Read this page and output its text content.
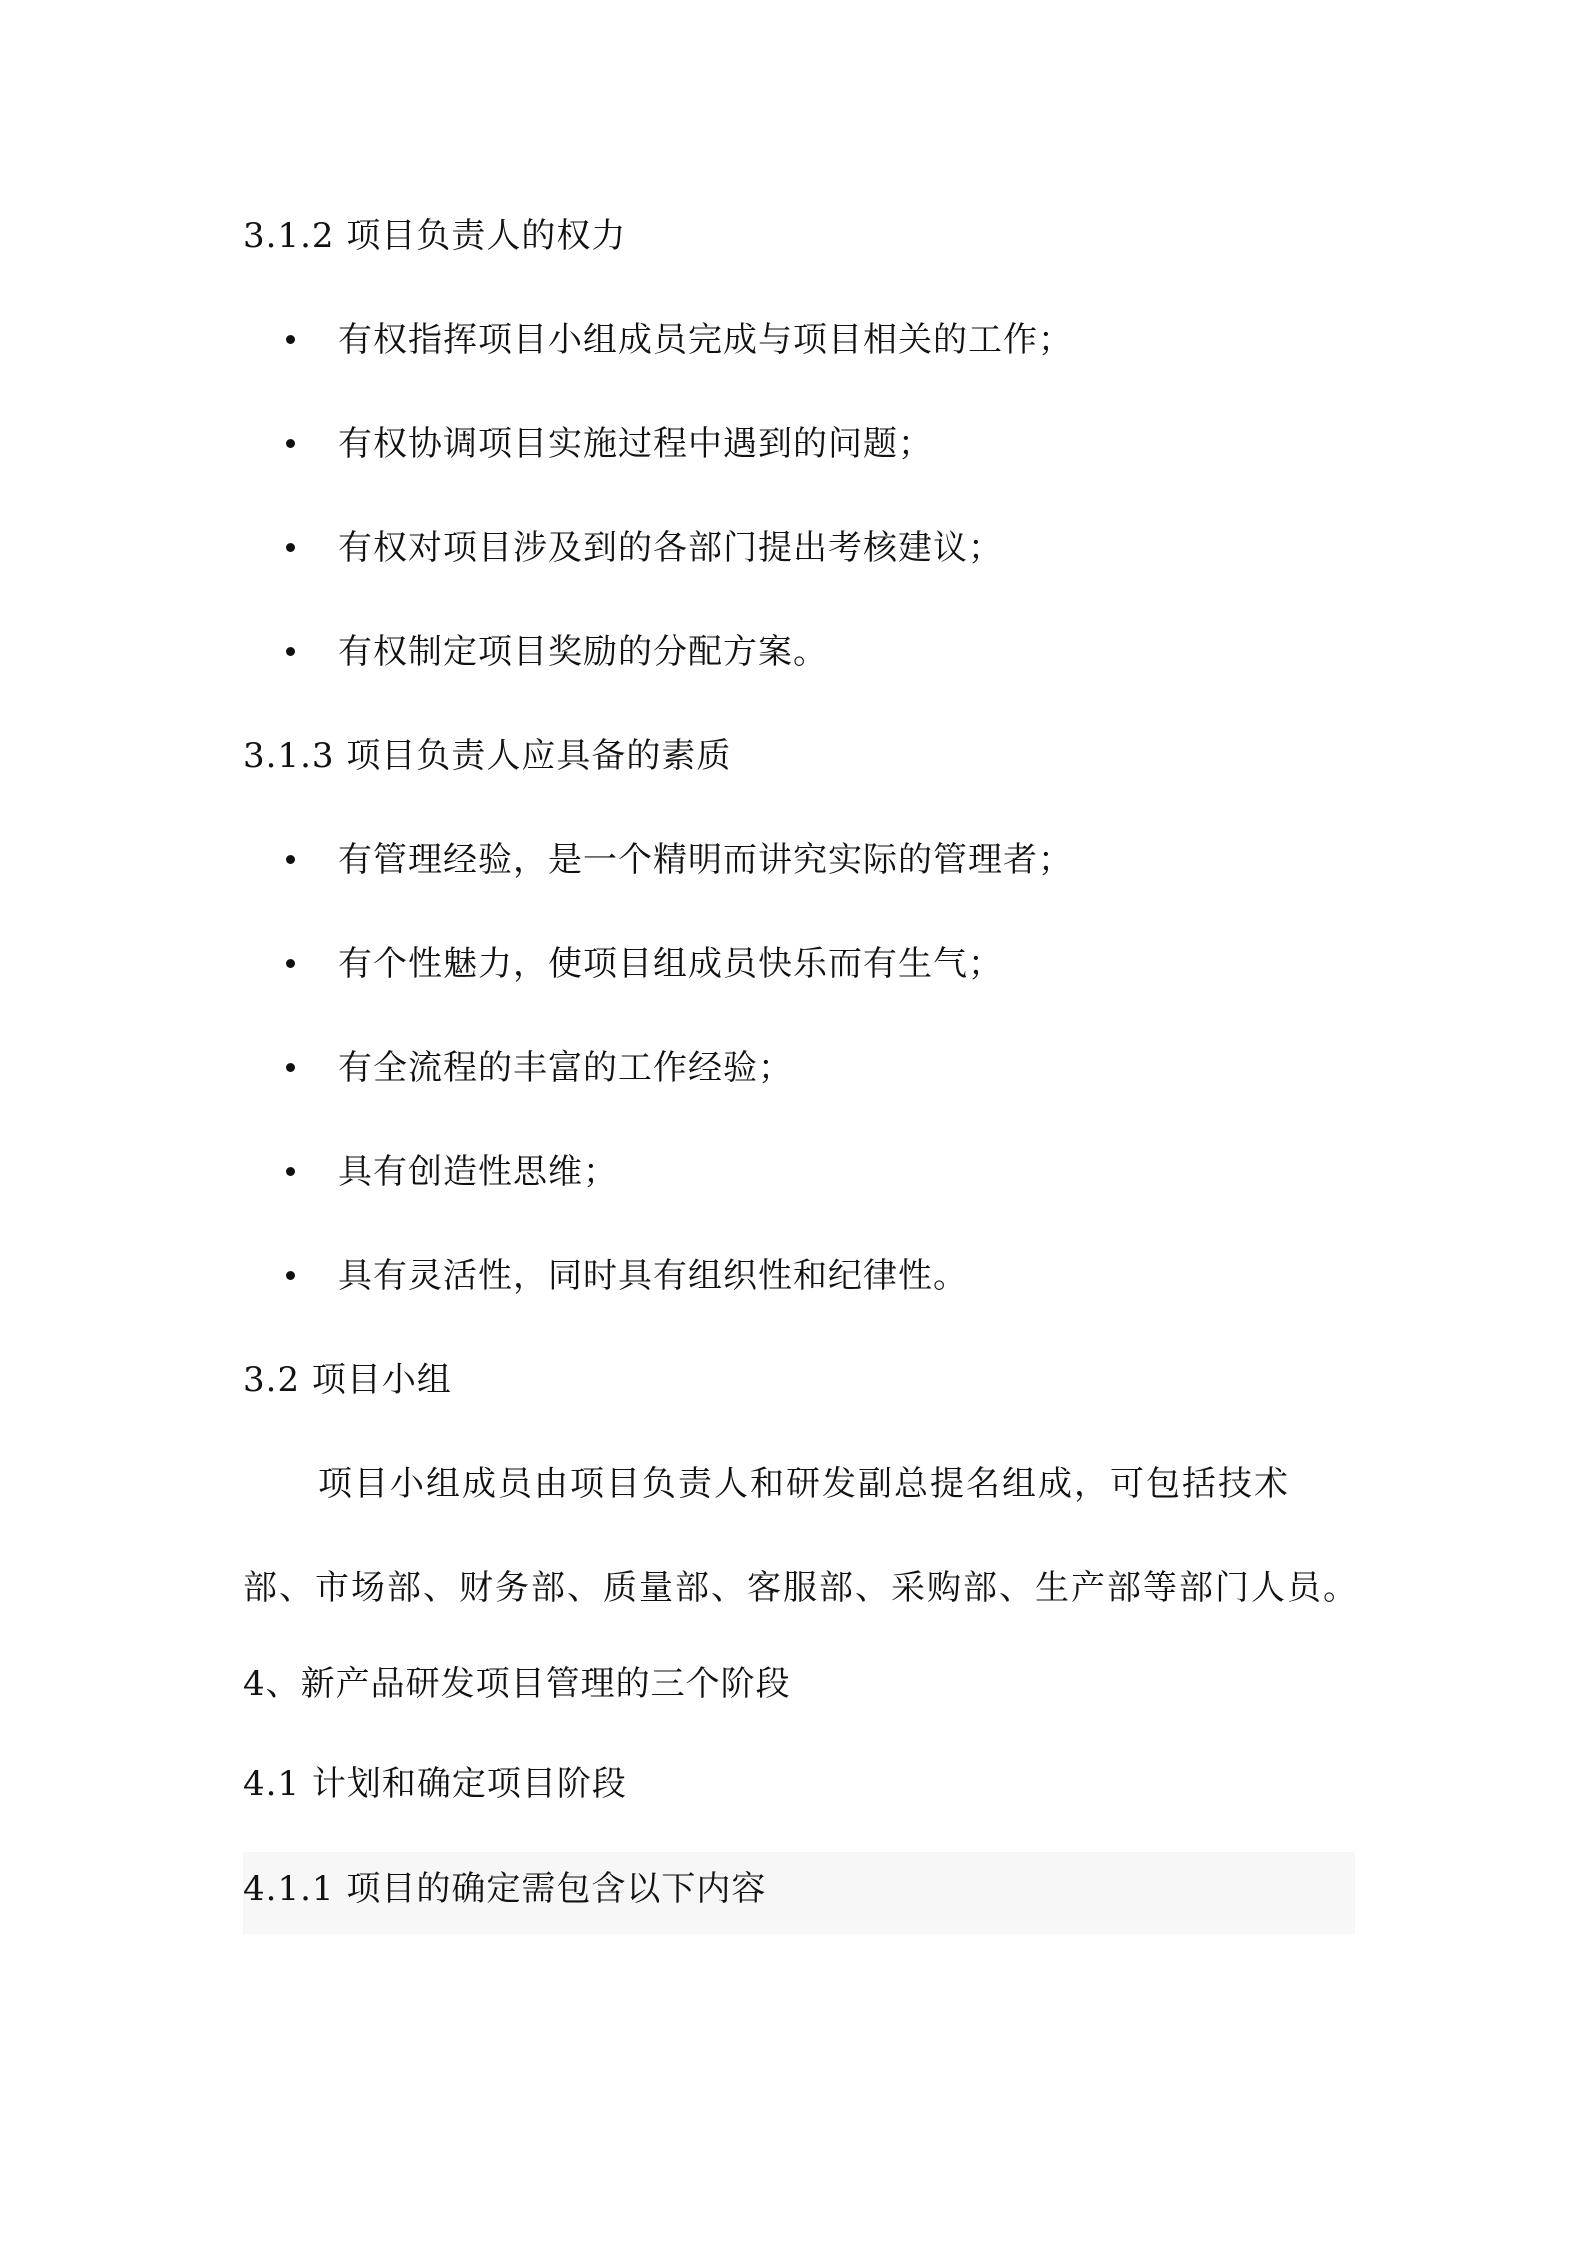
3.1.2 项目负责人的权力
有权指挥项目小组成员完成与项目相关的工作；
有权协调项目实施过程中遇到的问题；
有权对项目涉及到的各部门提出考核建议；
有权制定项目奖励的分配方案。
3.1.3 项目负责人应具备的素质
有管理经验，是一个精明而讲究实际的管理者；
有个性魅力，使项目组成员快乐而有生气；
有全流程的丰富的工作经验；
具有创造性思维；
具有灵活性，同时具有组织性和纪律性。
3.2 项目小组
项目小组成员由项目负责人和研发副总提名组成，可包括技术
部、市场部、财务部、质量部、客服部、采购部、生产部等部门人员。
4、新产品研发项目管理的三个阶段
4.1 计划和确定项目阶段
4.1.1 项目的确定需包含以下内容
